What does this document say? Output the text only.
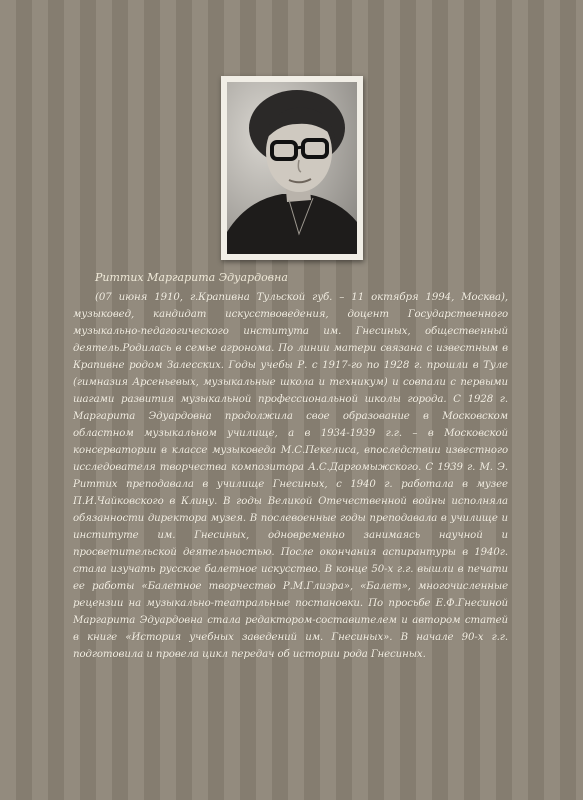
Риттих Маргарита Эдуардовна

(07 июня 1910, г.Крапивна Тульской губ. – 11 октября 1994, Москва), музыковед, кандидат искусствоведения, доцент Государственного музыкально-педагогического института им. Гнесиных, общественный деятель.Родилась в семье агронома. По линии матери связана с известным в Крапивне родом Залесских. Годы учебы Р. с 1917-го по 1928 г. прошли в Туле (гимназия Арсеньевых, музыкальные школа и техникум) и совпали с первыми шагами развития музыкальной профессиональной школы города. С 1928 г. Маргарита Эдуардовна продолжила свое образование в Московском областном музыкальном училище, а в 1934-1939 г.г. – в Московской консерватории в классе музыковеда М.С.Пекелиса, впоследствии известного исследователя творчества композитора А.С.Даргомыжского. С 1939 г. М. Э. Риттих преподавала в училище Гнесиных, с 1940 г. работала в музее П.И.Чайковского в Клину. В годы Великой Отечественной войны исполняла обязанности директора музея. В послевоенные годы преподавала в училище и институте им. Гнесиных, одновременно занимаясь научной и просветительской деятельностью. После окончания аспирантуры в 1940г. стала изучать русское балетное искусство. В конце 50-х г.г. вышли в печати ее работы «Балетное творчество Р.М.Глиэра», «Балет», многочисленные рецензии на музыкально-театральные постановки. По просьбе Е.Ф.Гнесиной Маргарита Эдуардовна стала редактором-составителем и автором статей в книге «История учебных заведений им. Гнесиных». В начале 90-х г.г. подготовила и провела цикл передач об истории рода Гнесиных.
